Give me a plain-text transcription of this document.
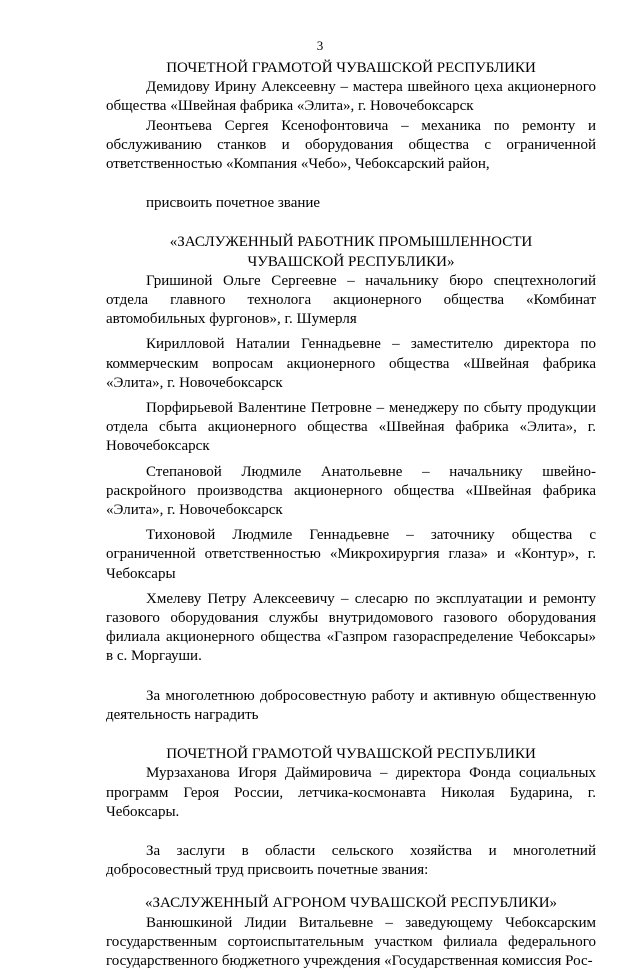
3

ПОЧЕТНОЙ ГРАМОТОЙ ЧУВАШСКОЙ РЕСПУБЛИКИ

Демидову Ирину Алексеевну – мастера швейного цеха акционерного общества «Швейная фабрика «Элита», г. Новочебоксарск

Леонтьева Сергея Ксенофонтовича – механика по ремонту и обслуживанию станков и оборудования общества с ограниченной ответственностью «Компания «Чебо», Чебоксарский район,

присвоить почетное звание

«ЗАСЛУЖЕННЫЙ РАБОТНИК ПРОМЫШЛЕННОСТИ

ЧУВАШСКОЙ РЕСПУБЛИКИ»

Гришиной Ольге Сергеевне – начальнику бюро спецтехнологий отдела главного технолога акционерного общества «Комбинат автомобильных фургонов», г. Шумерля

Кирилловой Наталии Геннадьевне – заместителю директора по коммерческим вопросам акционерного общества «Швейная фабрика «Элита», г. Новочебоксарск

Порфирьевой Валентине Петровне – менеджеру по сбыту продукции отдела сбыта акционерного общества «Швейная фабрика «Элита», г. Новочебоксарск

Степановой Людмиле Анатольевне – начальнику швейно-раскройного производства акционерного общества «Швейная фабрика «Элита», г. Новочебоксарск

Тихоновой Людмиле Геннадьевне – заточнику общества с ограниченной ответственностью «Микрохирургия глаза» и «Контур», г. Чебоксары

Хмелеву Петру Алексеевичу – слесарю по эксплуатации и ремонту газового оборудования службы внутридомового газового оборудования филиала акционерного общества «Газпром газораспределение Чебоксары» в с. Моргауши.

За многолетнюю добросовестную работу и активную общественную деятельность наградить

ПОЧЕТНОЙ ГРАМОТОЙ ЧУВАШСКОЙ РЕСПУБЛИКИ

Мурзаханова Игоря Даймировича – директора Фонда социальных программ Героя России, летчика-космонавта Николая Бударина, г. Чебоксары.

За заслуги в области сельского хозяйства и многолетний добросовестный труд присвоить почетные звания:

«ЗАСЛУЖЕННЫЙ АГРОНОМ ЧУВАШСКОЙ РЕСПУБЛИКИ»

Ванюшкиной Лидии Витальевне – заведующему Чебоксарским государственным сортоиспытательным участком филиала федерального государственного бюджетного учреждения «Государственная комиссия Рос-
